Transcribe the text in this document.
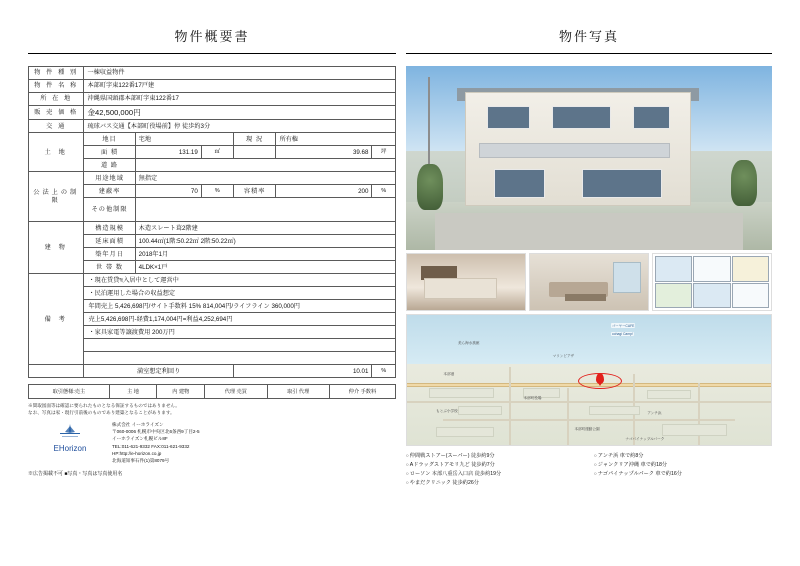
物件概要書
物 件 種 別	一棟収益物件					
物 件 名 称	本部町字東122番17戸建					
所 在 地	沖縄県国頭郡本部町字東122番17					
販 売 価 格	金42,500,000円					
交 通	琉球バス交通【本部町役場前】停 徒歩約3分					
土 地	地目	宅地		現 況	所有権	
	面 積	131.19	㎡		39.68	坪
	道 路					
公法上の制限	用途地域	無指定				
	建蔽率	70	%	容積率	200	%
	その他制限					
建 物	構造規模	木造スレート葺2階建				
	延床面積	100.44㎡(1階:50.22㎡ 2階:50.22㎡)				
	築年月日	2018年1月				
	世 帯 数	4LDK×1戸				
備 考	・現在賃貸ছ入居中として運営中					
	・民泊運用した場合の収益想定					
	年間売上 5,426,698円/サイト手数料 15% 814,004円/ライフライン 360,000円					
	売上5,426,698円-経費1,174,004円=利益4,252,694円					
	・家具家電等譲渡費用 200万円					

	満室想定利回り			10.01		%
取引態様:売主	主 地	内 建物	代理 売買	取引 代理	仲介 手数料
※間取図面等は確認に要られたものとなる保証するものではありません。
なお、写真は家・現行引前後のものであり建築となることがあります。
EHorizon
株式会社 イーホライズン
〒060-0006 札幌市中央区北6条西9丁目2-5
イーホライズン札幌ビル8F
TEL:011-621-9332 FAX:011-621-9332
HP:http://e-horizon.co.jp
北海道知事石件(1)第8079号
※広告掲載不可 ■写真・写真は写真使用名
物件写真
ゴーヤーCAFE
oohagi Camp!
本部港
本部町役場
もとぶ小学校
マリンピアザ
美ら海水族館
アンチ浜
本部町運動公園
ナゴパイナップルパーク
○ 仲間戦ストアー(スーパー) 徒歩約9分
○ Aドラッグストアモリ九ど 徒歩約7分
○ ローソン 本部八重岳入口店 徒歩約19分
○ やまだクリニック 徒歩約26分
○ アンチ浜 車で約8分
○ ジャンクリア沖縄 車で約18分
○ ナゴパイナップルパーク 車で約16分
